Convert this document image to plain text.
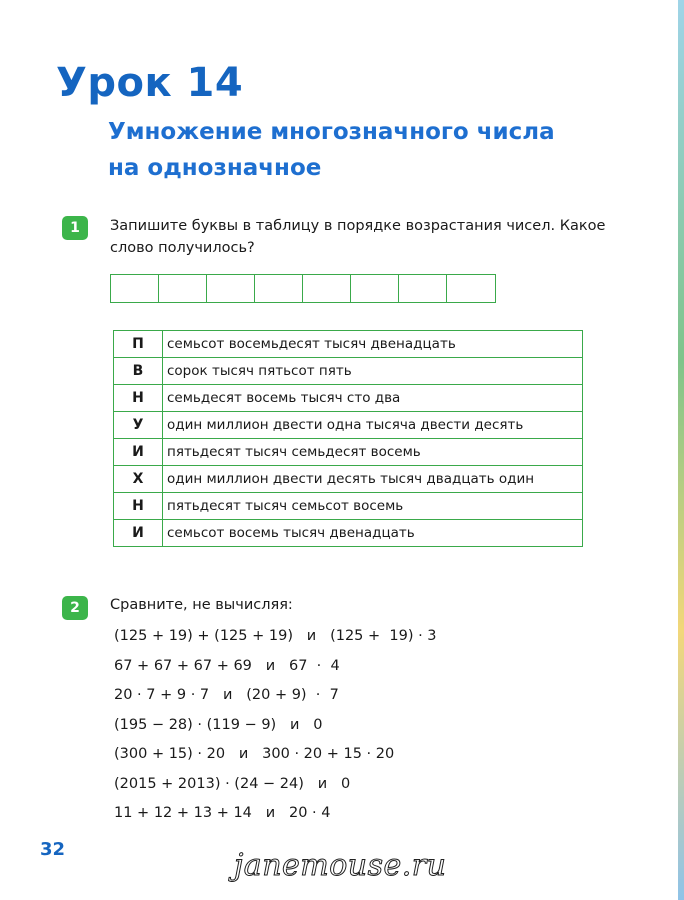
Урок 14
Умножение многозначного числа на однозначное
1	Запишите буквы в таблицу в порядке возрастания чисел. Какое слово получилось?
П	семьсот восемьдесят тысяч двенадцать
В	сорок тысяч пятьсот пять
Н	семьдесят восемь тысяч сто два
У	один миллион двести одна тысяча двести десять
И	пятьдесят тысяч семьдесят восемь
Х	один миллион двести десять тысяч двадцать один
Н	пятьдесят тысяч семьсот восемь
И	семьсот восемь тысяч двенадцать
2	Сравните, не вычисляя:
(125 + 19) + (125 + 19)   и   (125 +  19) · 3
67 + 67 + 67 + 69   и   67  ·  4
20 · 7 + 9 · 7   и   (20 + 9)  ·  7
(195 − 28) · (119 − 9)   и   0
(300 + 15) · 20   и   300 · 20 + 15 · 20
(2015 + 2013) · (24 − 24)   и   0
11 + 12 + 13 + 14   и   20 · 4
32	janemouse.ru
